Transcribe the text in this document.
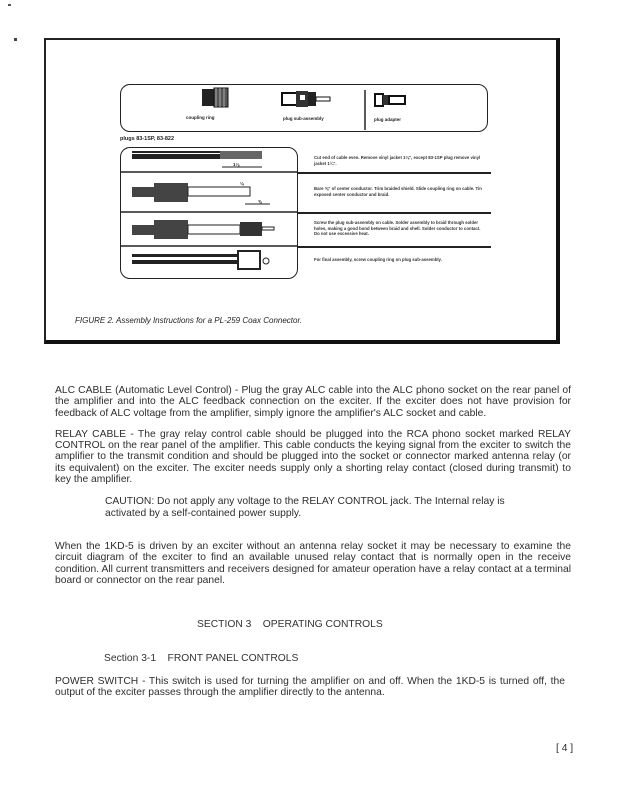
coupling ring	plug sub-assembly	plug adapter
plugs 83-1SP, 83-822
1⅛
⅛
⅝
Cut end of cable even. Remove vinyl jacket 1⅛", except 83-1SP plug remove vinyl jacket 1¼".
Bare ⅝" of center conductor. Trim braided shield. Slide coupling ring on cable. Tin exposed center conductor and braid.
Screw the plug sub-assembly on cable. Solder assembly to braid through solder holes, making a good bond between braid and shell. Solder conductor to contact. Do not use excessive heat.
For final assembly, screw coupling ring on plug sub-assembly.
FIGURE 2. Assembly Instructions for a PL-259 Coax Connector.

ALC CABLE (Automatic Level Control) - Plug the gray ALC cable into the ALC phono socket on the rear panel of the amplifier and into the ALC feedback connection on the exciter. If the exciter does not have provision for feedback of ALC voltage from the amplifier, simply ignore the amplifier's ALC socket and cable.

RELAY CABLE - The gray relay control cable should be plugged into the RCA phono socket marked RELAY CONTROL on the rear panel of the amplifier. This cable conducts the keying signal from the exciter to switch the amplifier to the transmit condition and should be plugged into the socket or connector marked antenna relay (or its equivalent) on the exciter. The exciter needs supply only a shorting relay contact (closed during transmit) to key the amplifier.

CAUTION: Do not apply any voltage to the RELAY CONTROL jack. The Internal relay is activated by a self-contained power supply.

When the 1KD-5 is driven by an exciter without an antenna relay socket it may be necessary to examine the circuit diagram of the exciter to find an available unused relay contact that is normally open in the receive condition. All current transmitters and receivers designed for amateur operation have a relay contact at a terminal board or connector on the rear panel.

SECTION 3    OPERATING CONTROLS

Section 3-1    FRONT PANEL CONTROLS

POWER SWITCH - This switch is used for turning the amplifier on and off. When the 1KD-5 is turned off, the output of the exciter passes through the amplifier directly to the antenna.

[ 4 ]
